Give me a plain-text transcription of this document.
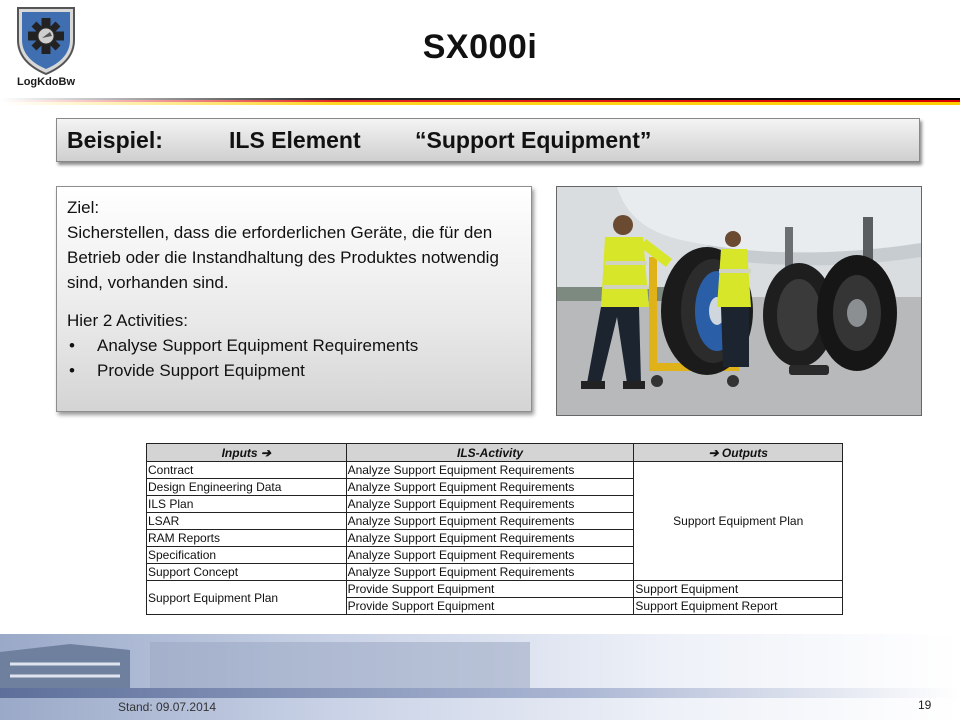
LogKdoBw
SX000i
Beispiel:	ILS Element “Support Equipment”

Ziel:

Sicherstellen, dass die erforderlichen Geräte, die für den Betrieb oder die Instandhaltung des Produktes notwendig sind, vorhanden sind.

Hier 2 Activities:

• Analyse Support Equipment Requirements
• Provide Support Equipment
Inputs ➔	ILS-Activity	➔ Outputs
Contract	Analyze Support Equipment Requirements	Support Equipment Plan
Design Engineering Data	Analyze Support Equipment Requirements	
ILS Plan	Analyze Support Equipment Requirements	
LSAR	Analyze Support Equipment Requirements	
RAM Reports	Analyze Support Equipment Requirements	
Specification	Analyze Support Equipment Requirements	
Support Concept	Analyze Support Equipment Requirements	
Support Equipment Plan	Provide Support Equipment	Support Equipment
	Provide Support Equipment	Support Equipment Report
Stand: 09.07.2014	19
